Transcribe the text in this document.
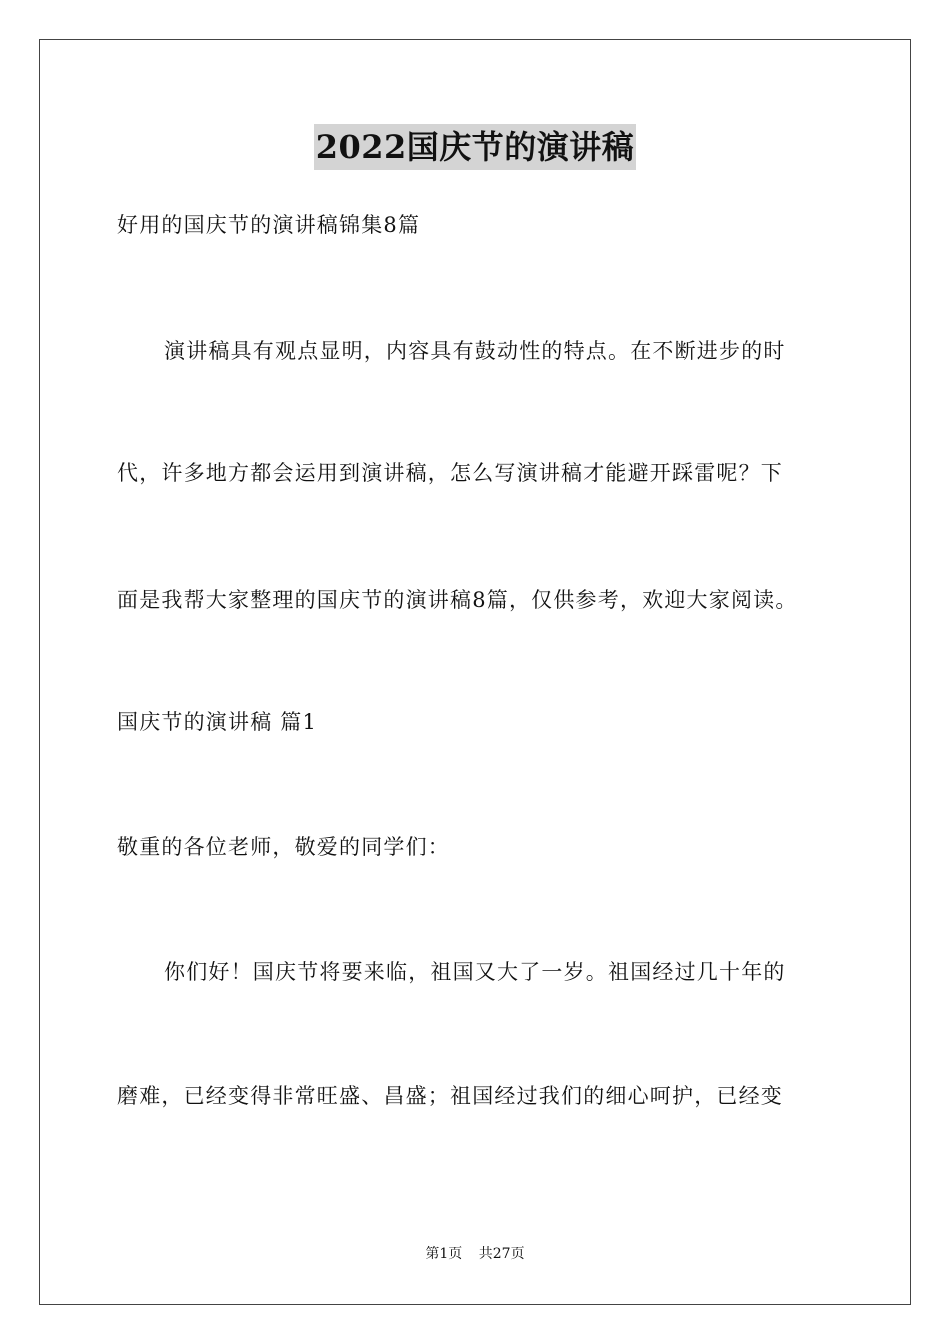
2022国庆节的演讲稿
好用的国庆节的演讲稿锦集8篇
演讲稿具有观点显明，内容具有鼓动性的特点。在不断进步的时
代，许多地方都会运用到演讲稿，怎么写演讲稿才能避开踩雷呢？下
面是我帮大家整理的国庆节的演讲稿8篇，仅供参考，欢迎大家阅读。
国庆节的演讲稿 篇1
敬重的各位老师，敬爱的同学们：
你们好！国庆节将要来临，祖国又大了一岁。祖国经过几十年的
磨难，已经变得非常旺盛、昌盛；祖国经过我们的细心呵护，已经变
第1页 共27页
